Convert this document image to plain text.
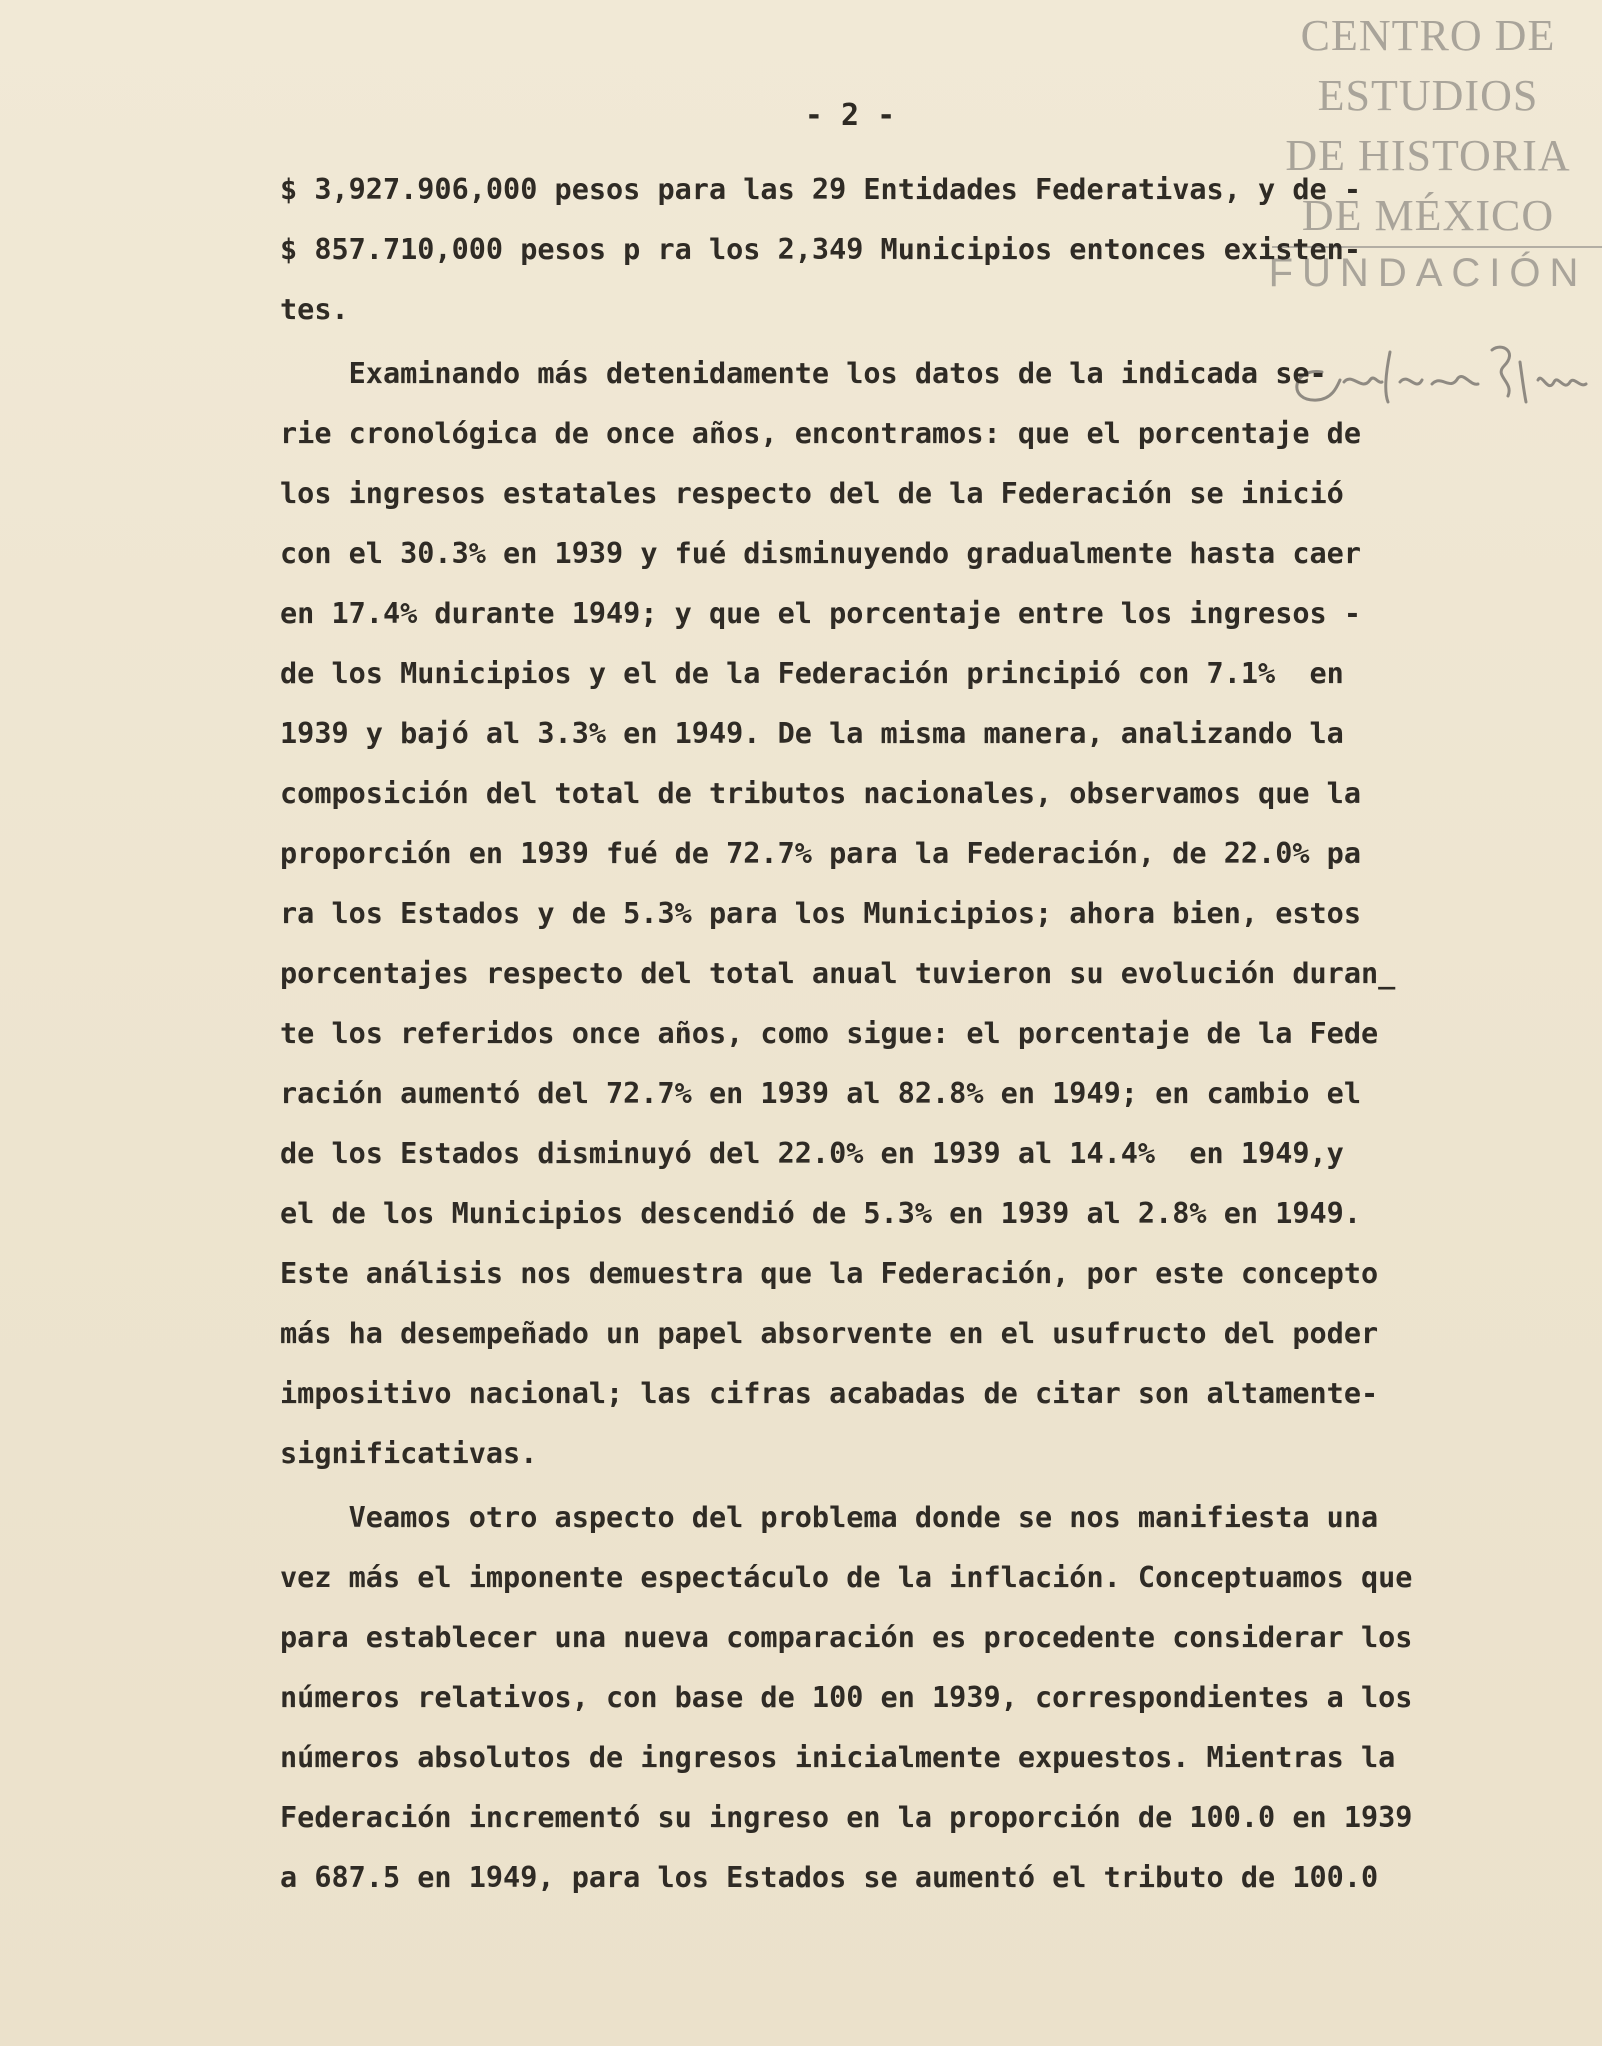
CENTRO DE
ESTUDIOS
DE HISTORIA
DE MÉXICO
FUNDACIÓN
- 2 -
$ 3,927.906,000 pesos para las 29 Entidades Federativas, y de -
$ 857.710,000 pesos p ra los 2,349 Municipios entonces existen-
tes.
Examinando más detenidamente los datos de la indicada se-
rie cronológica de once años, encontramos: que el porcentaje de
los ingresos estatales respecto del de la Federación se inició
con el 30.3% en 1939 y fué disminuyendo gradualmente hasta caer
en 17.4% durante 1949; y que el porcentaje entre los ingresos -
de los Municipios y el de la Federación principió con 7.1%  en
1939 y bajó al 3.3% en 1949. De la misma manera, analizando la
composición del total de tributos nacionales, observamos que la
proporción en 1939 fué de 72.7% para la Federación, de 22.0% pa
ra los Estados y de 5.3% para los Municipios; ahora bien, estos
porcentajes respecto del total anual tuvieron su evolución duran_
te los referidos once años, como sigue: el porcentaje de la Fede
ración aumentó del 72.7% en 1939 al 82.8% en 1949; en cambio el
de los Estados disminuyó del 22.0% en 1939 al 14.4%  en 1949,y
el de los Municipios descendió de 5.3% en 1939 al 2.8% en 1949.
Este análisis nos demuestra que la Federación, por este concepto
más ha desempeñado un papel absorvente en el usufructo del poder
impositivo nacional; las cifras acabadas de citar son altamente-
significativas.
Veamos otro aspecto del problema donde se nos manifiesta una
vez más el imponente espectáculo de la inflación. Conceptuamos que
para establecer una nueva comparación es procedente considerar los
números relativos, con base de 100 en 1939, correspondientes a los
números absolutos de ingresos inicialmente expuestos. Mientras la
Federación incrementó su ingreso en la proporción de 100.0 en 1939
a 687.5 en 1949, para los Estados se aumentó el tributo de 100.0
